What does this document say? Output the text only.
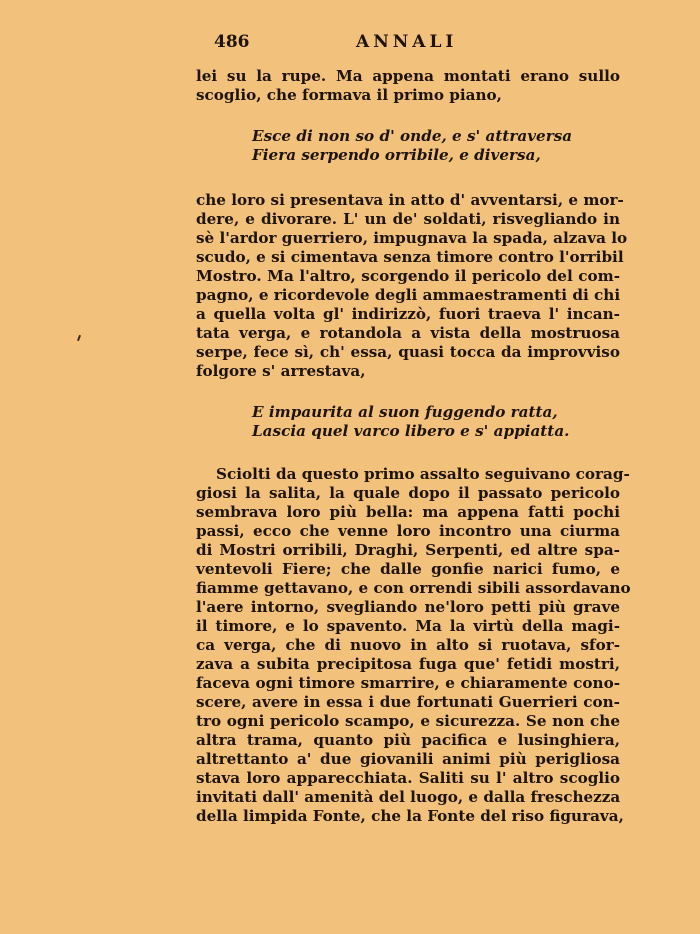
486	ANNALI

lei su la rupe. Ma appena montati erano sullo
scoglio, che formava il primo piano,

Esce di non so d' onde, e s' attraversa
Fiera serpendo orribile, e diversa,

che loro si presentava in atto d' avventarsi, e mor-
dere, e divorare. L' un de' soldati, risvegliando in
sè l'ardor guerriero, impugnava la spada, alzava lo
scudo, e si cimentava senza timore contro l'orribil
Mostro. Ma l'altro, scorgendo il pericolo del com-
pagno, e ricordevole degli ammaestramenti di chi
a quella volta gl' indirizzò, fuori traeva l' incan-
tata verga, e rotandola a vista della mostruosa
serpe, fece sì, ch' essa, quasi tocca da improvviso
folgore s' arrestava,

E impaurita al suon fuggendo ratta,
Lascia quel varco libero e s' appiatta.

Sciolti da questo primo assalto seguivano corag-
giosi la salita, la quale dopo il passato pericolo
sembrava loro più bella: ma appena fatti pochi
passi, ecco che venne loro incontro una ciurma
di Mostri orribili, Draghi, Serpenti, ed altre spa-
ventevoli Fiere; che dalle gonfie narici fumo, e
fiamme gettavano, e con orrendi sibili assordavano
l'aere intorno, svegliando ne'loro petti più grave
il timore, e lo spavento. Ma la virtù della magi-
ca verga, che di nuovo in alto si ruotava, sfor-
zava a subita precipitosa fuga que' fetidi mostri,
faceva ogni timore smarrire, e chiaramente cono-
scere, avere in essa i due fortunati Guerrieri con-
tro ogni pericolo scampo, e sicurezza. Se non che
altra trama, quanto più pacifica e lusinghiera,
altrettanto a' due giovanili animi più perigliosa
stava loro apparecchiata. Saliti su l' altro scoglio
invitati dall' amenità del luogo, e dalla freschezza
della limpida Fonte, che la Fonte del riso figurava,
